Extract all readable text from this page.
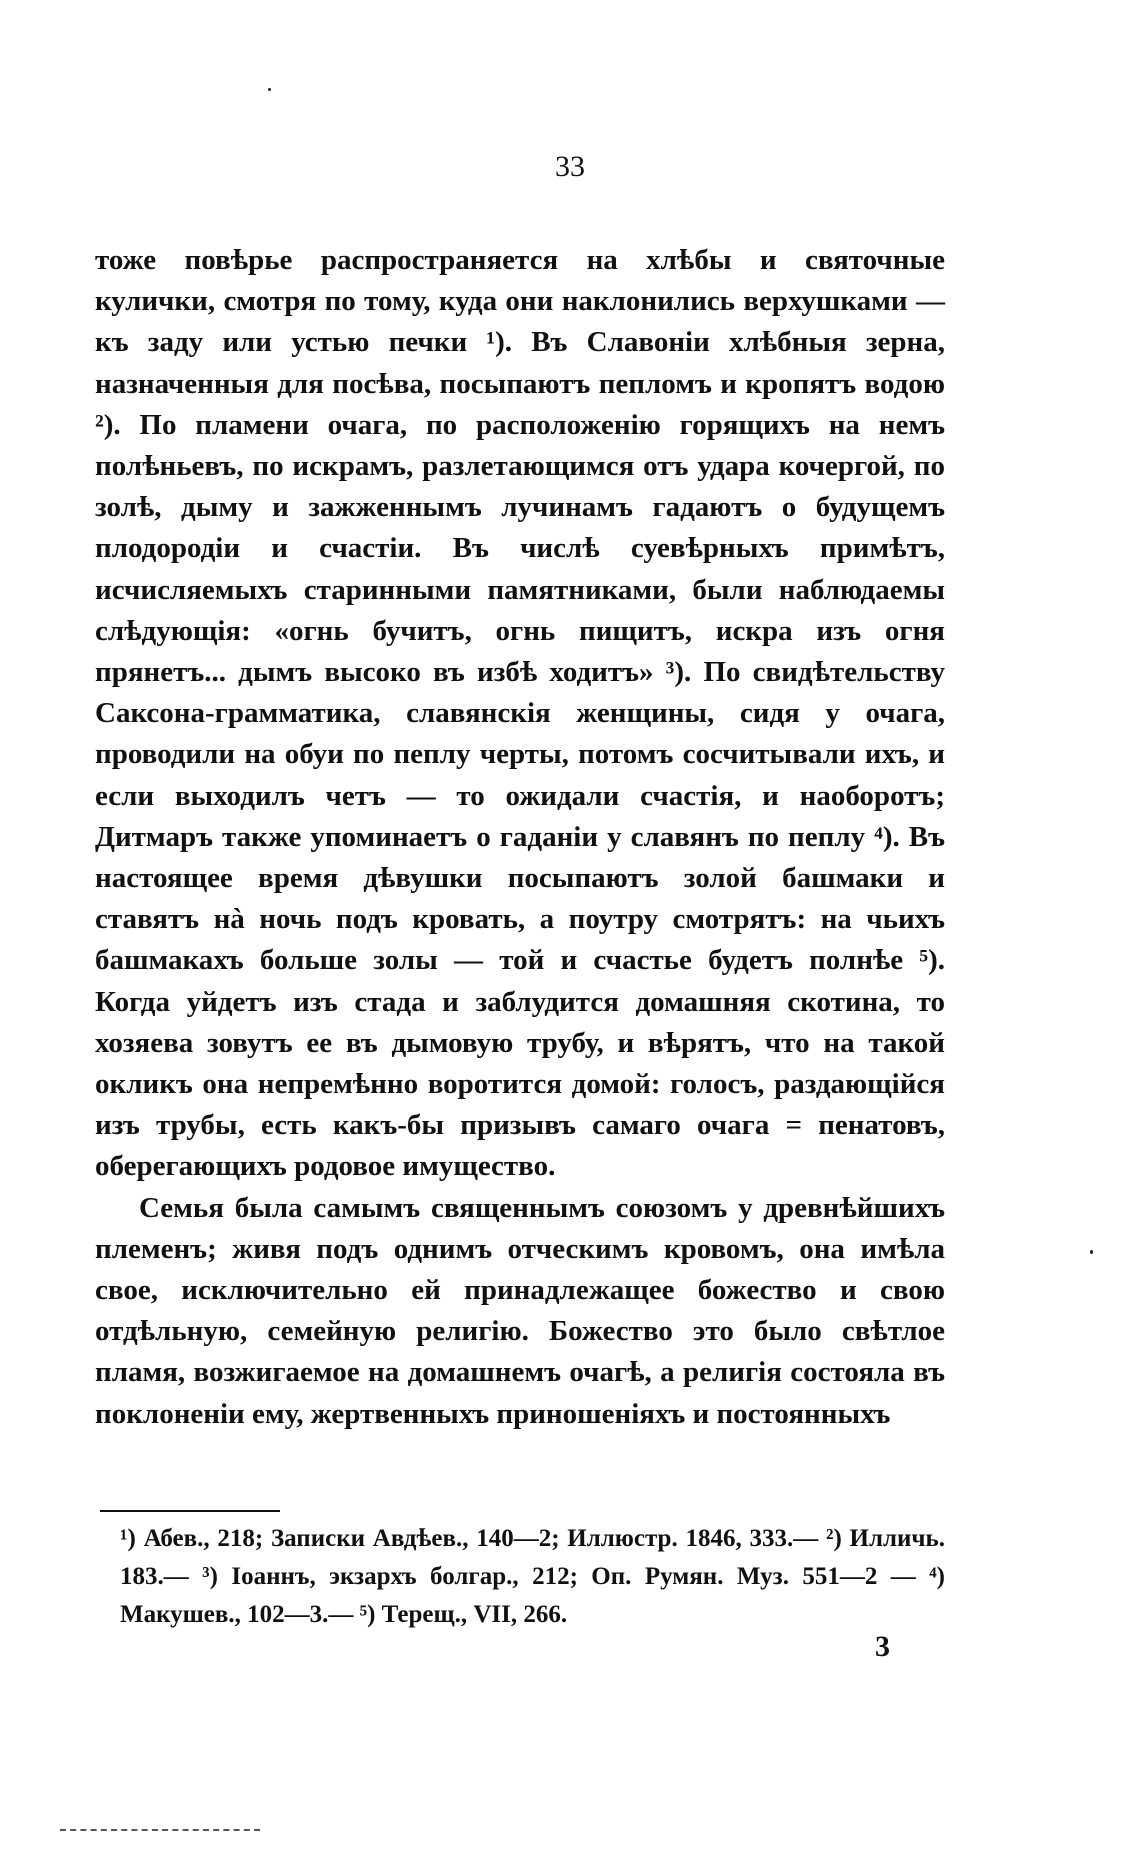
33

тоже повѣрье распространяется на хлѣбы и святочные кулички, смотря по тому, куда они наклонились верхушками — къ заду или устью печки ¹). Въ Славоніи хлѣбныя зерна, назначенныя для посѣва, посыпаютъ пепломъ и кропятъ водою ²). По пламени очага, по расположенію горящихъ на немъ полѣньевъ, по искрамъ, разлетающимся отъ удара кочергой, по золѣ, дыму и зажженнымъ лучинамъ гадаютъ о будущемъ плодородіи и счастіи. Въ числѣ суевѣрныхъ примѣтъ, исчисляемыхъ старинными памятниками, были наблюдаемы слѣдующія: «огнь бучитъ, огнь пищитъ, искра изъ огня прянетъ... дымъ высоко въ избѣ ходитъ» ³). По свидѣтельству Саксона-грамматика, славянскія женщины, сидя у очага, проводили на обуи по пеплу черты, потомъ сосчитывали ихъ, и если выходилъ четъ — то ожидали счастія, и наоборотъ; Дитмаръ также упоминаетъ о гаданіи у славянъ по пеплу ⁴). Въ настоящее время дѣвушки посыпаютъ золой башмаки и ставятъ нà ночь подъ кровать, а поутру смотрятъ: на чьихъ башмакахъ больше золы — той и счастье будетъ полнѣе ⁵). Когда уйдетъ изъ стада и заблудится домашняя скотина, то хозяева зовутъ ее въ дымовую трубу, и вѣрятъ, что на такой окликъ она непремѣнно воротится домой: голосъ, раздающійся изъ трубы, есть какъ-бы призывъ самаго очага = пенатовъ, оберегающихъ родовое имущество.

Семья была самымъ священнымъ союзомъ у древнѣйшихъ племенъ; живя подъ однимъ отческимъ кровомъ, она имѣла свое, исключительно ей принадлежащее божество и свою отдѣльную, семейную религію. Божество это было свѣтлое пламя, возжигаемое на домашнемъ очагѣ, а религія состояла въ поклоненіи ему, жертвенныхъ приношеніяхъ и постоянныхъ

¹) Абев., 218; Записки Авдѣев., 140—2; Иллюстр. 1846, 333.— ²) Илличь. 183.— ³) Іоаннъ, экзархъ болгар., 212; Оп. Румян. Муз. 551—2 — ⁴) Макушев., 102—3.— ⁵) Терещ., VII, 266.

3
